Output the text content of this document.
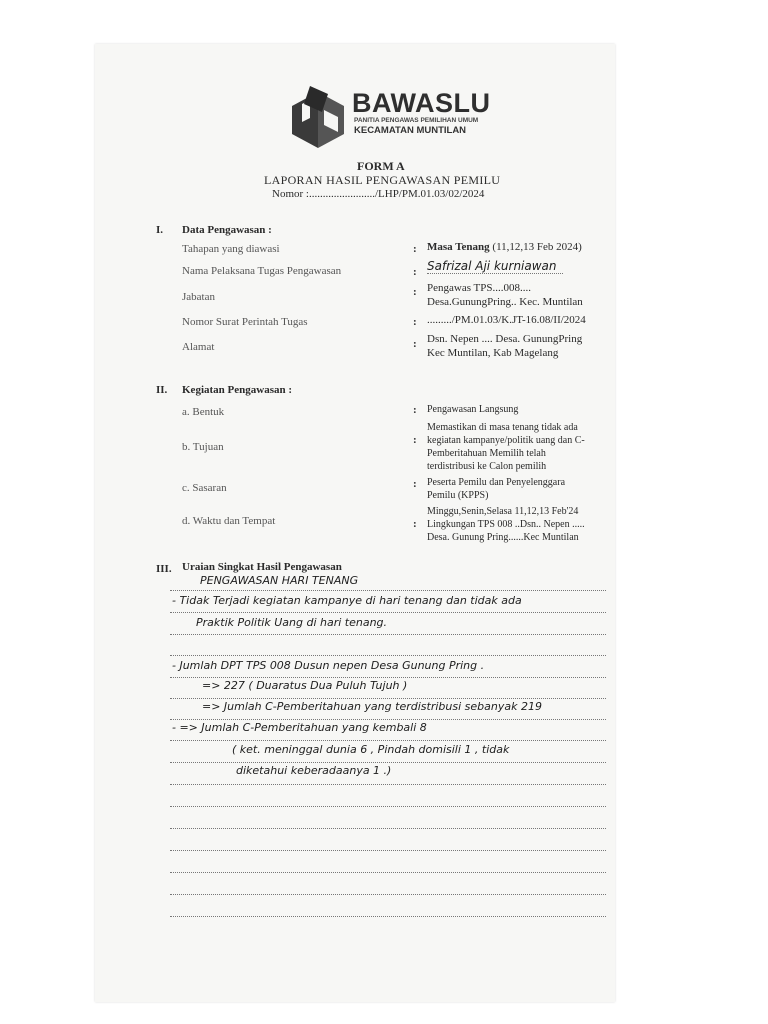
BAWASLU
PANITIA PENGAWAS PEMILIHAN UMUM
KECAMATAN MUNTILAN
FORM A
LAPORAN HASIL PENGAWASAN PEMILU
Nomor :......................../LHP/PM.01.03/02/2024
I. Data Pengawasan :
Tahapan yang diawasi	: Masa Tenang (11,12,13 Feb 2024)
Nama Pelaksana Tugas Pengawasan	: Safrizal Aji kurniawan
Jabatan	: Pengawas TPS....008....
Desa.GunungPring.. Kec. Muntilan
Nomor Surat Perintah Tugas	: ........./PM.01.03/K.JT-16.08/II/2024
Alamat	: Dsn. Nepen .... Desa. GunungPring
Kec Muntilan, Kab Magelang
II. Kegiatan Pengawasan :
a. Bentuk	: Pengawasan Langsung
b. Tujuan
:
Memastikan di masa tenang tidak ada
kegiatan kampanye/politik uang dan C-
Pemberitahuan Memilih telah
terdistribusi ke Calon pemilih
c. Sasaran	: Peserta Pemilu dan Penyelenggara
Pemilu (KPPS)
d. Waktu dan Tempat	:
Minggu,Senin,Selasa 11,12,13 Feb'24
Lingkungan TPS 008 ..Dsn.. Nepen .....
Desa. Gunung Pring......Kec Muntilan
III. Uraian Singkat Hasil Pengawasan
PENGAWASAN HARI TENANG
- Tidak Terjadi kegiatan kampanye di hari tenang dan tidak ada
Praktik Politik Uang di hari tenang.
- Jumlah DPT TPS 008 Dusun nepen Desa Gunung Pring .
=> 227 ( Duaratus Dua Puluh Tujuh )
=> Jumlah C-Pemberitahuan yang terdistribusi sebanyak 219
- => Jumlah C-Pemberitahuan yang kembali 8
( ket. meninggal dunia 6 , Pindah domisili 1 , tidak
diketahui keberadaanya 1 .)
